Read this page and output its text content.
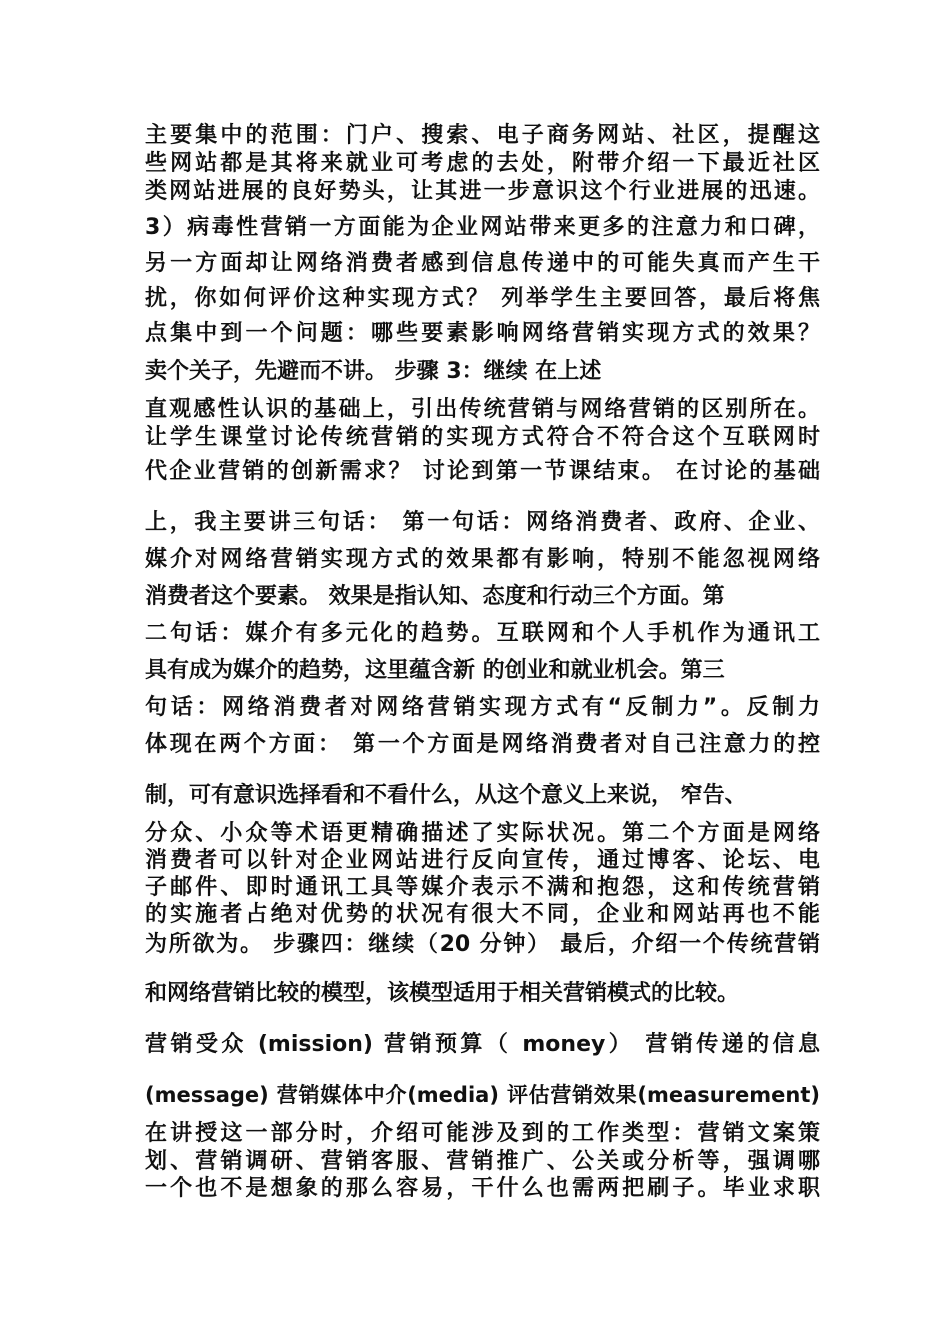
主要集中的范围：门户、搜索、电子商务网站、社区，提醒这
些网站都是其将来就业可考虑的去处，附带介绍一下最近社区
类网站进展的良好势头，让其进一步意识这个行业进展的迅速。
3）病毒性营销一方面能为企业网站带来更多的注意力和口碑，
另一方面却让网络消费者感到信息传递中的可能失真而产生干
扰，你如何评价这种实现方式？ 列举学生主要回答，最后将焦
点集中到一个问题：哪些要素影响网络营销实现方式的效果？
卖个关子，先避而不讲。 步骤 3：继续 在上述
直观感性认识的基础上，引出传统营销与网络营销的区别所在。
让学生课堂讨论传统营销的实现方式符合不符合这个互联网时
代企业营销的创新需求？ 讨论到第一节课结束。 在讨论的基础
上，我主要讲三句话： 第一句话：网络消费者、政府、企业、
媒介对网络营销实现方式的效果都有影响，特别不能忽视网络
消费者这个要素。 效果是指认知、态度和行动三个方面。第
二句话：媒介有多元化的趋势。互联网和个人手机作为通讯工
具有成为媒介的趋势，这里蕴含新 的创业和就业机会。第三
句话：网络消费者对网络营销实现方式有“反制力”。反制力
体现在两个方面： 第一个方面是网络消费者对自己注意力的控
制，可有意识选择看和不看什么，从这个意义上来说， 窄告、
分众、小众等术语更精确描述了实际状况。第二个方面是网络
消费者可以针对企业网站进行反向宣传，通过博客、论坛、电
子邮件、即时通讯工具等媒介表示不满和抱怨，这和传统营销
的实施者占绝对优势的状况有很大不同，企业和网站再也不能
为所欲为。 步骤四：继续（20 分钟） 最后，介绍一个传统营销
和网络营销比较的模型，该模型适用于相关营销模式的比较。
营销受众 (mission) 营销预算（ money） 营销传递的信息
(message) 营销媒体中介(media) 评估营销效果(measurement)
在讲授这一部分时，介绍可能涉及到的工作类型：营销文案策
划、营销调研、营销客服、营销推广、公关或分析等，强调哪
一个也不是想象的那么容易，干什么也需两把刷子。毕业求职
